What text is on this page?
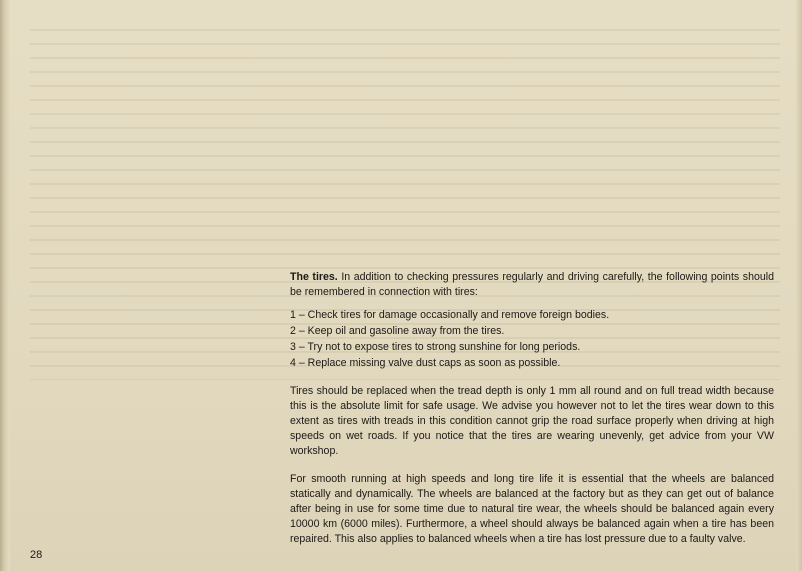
The tires. In addition to checking pressures regularly and driving carefully, the following points should be remembered in connection with tires:

1 – Check tires for damage occasionally and remove foreign bodies.
2 – Keep oil and gasoline away from the tires.
3 – Try not to expose tires to strong sunshine for long periods.
4 – Replace missing valve dust caps as soon as possible.

Tires should be replaced when the tread depth is only 1 mm all round and on full tread width because this is the absolute limit for safe usage. We advise you however not to let the tires wear down to this extent as tires with treads in this condition cannot grip the road surface properly when driving at high speeds on wet roads. If you notice that the tires are wearing unevenly, get advice from your VW workshop.

For smooth running at high speeds and long tire life it is essential that the wheels are balanced statically and dynamically. The wheels are balanced at the factory but as they can get out of balance after being in use for some time due to natural tire wear, the wheels should be balanced again every 10000 km (6000 miles). Furthermore, a wheel should always be balanced again when a tire has been repaired. This also applies to balanced wheels when a tire has lost pressure due to a faulty valve.

28
